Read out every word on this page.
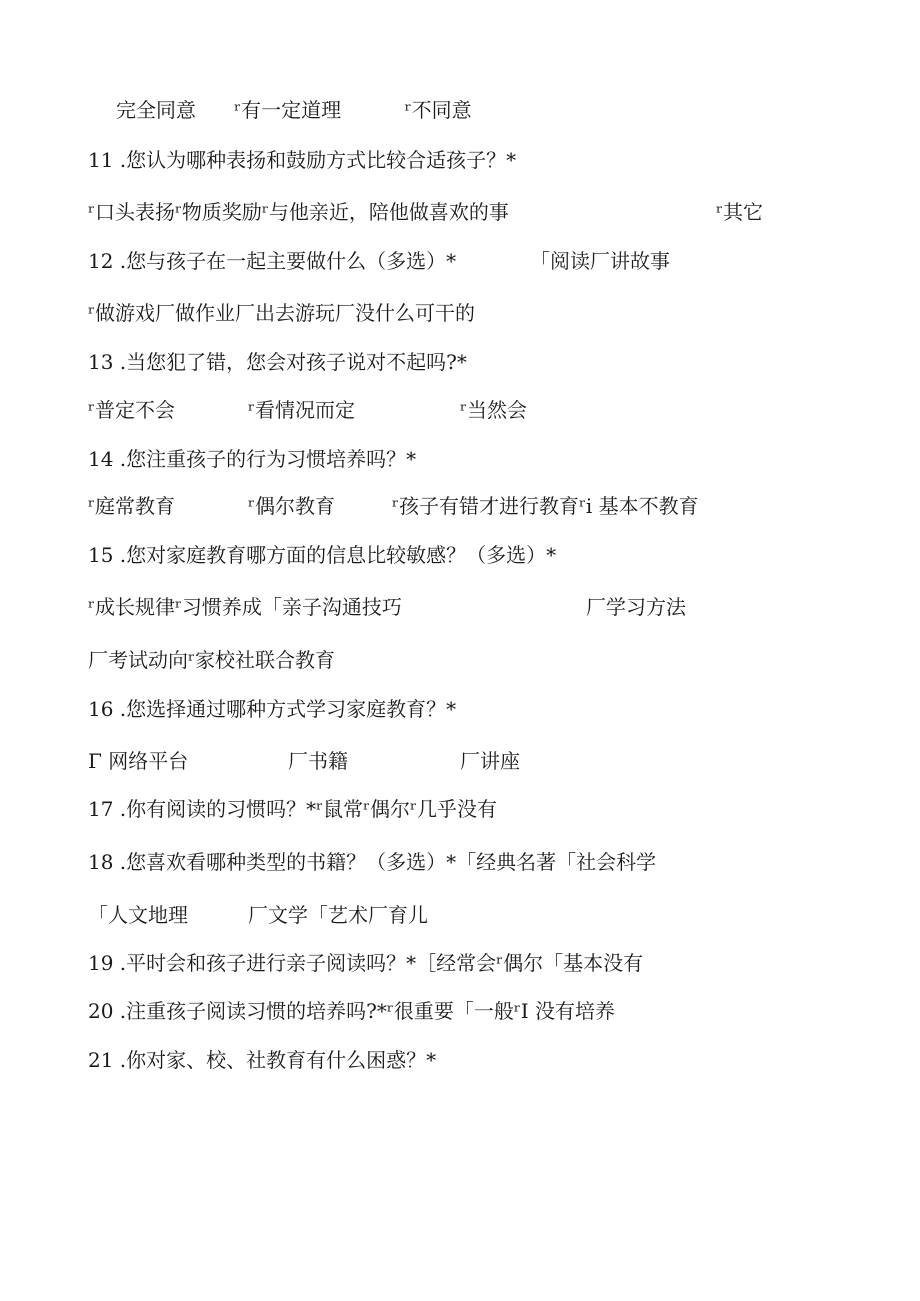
完全同意      ʳ有一定道理          ʳ不同意
11 .您认为哪种表扬和鼓励方式比较合适孩子？*
ʳ口头表扬ʳ物质奖励ʳ与他亲近，陪他做喜欢的事	ʳ其它
12 .您与孩子在一起主要做什么（多选）*	「阅读厂讲故事
ʳ做游戏厂做作业厂出去游玩厂没什么可干的
13 .当您犯了错，您会对孩子说对不起吗?*
ʳ普定不会	ʳ看情况而定	ʳ当然会
14 .您注重孩子的行为习惯培养吗？*
ʳ庭常教育	ʳ偶尔教育	ʳ孩子有错才进行教育ʳi 基本不教育
15 .您对家庭教育哪方面的信息比较敏感？（多选）*
ʳ成长规律ʳ习惯养成「亲子沟通技巧	厂学习方法
厂考试动向ʳ家校社联合教育
16 .您选择通过哪种方式学习家庭教育？*
Γ 网络平台	厂书籍	厂讲座
17 .你有阅读的习惯吗？*ʳ鼠常ʳ偶尔ʳ几乎没有
18 .您喜欢看哪种类型的书籍？（多选）*「经典名著「社会科学
「人文地理	厂文学「艺术厂育儿
19 .平时会和孩子进行亲子阅读吗？*［经常会ʳ偶尔「基本没有
20 .注重孩子阅读习惯的培养吗?*ʳ很重要「一般ʳI 没有培养
21 .你对家、校、社教育有什么困惑？*
